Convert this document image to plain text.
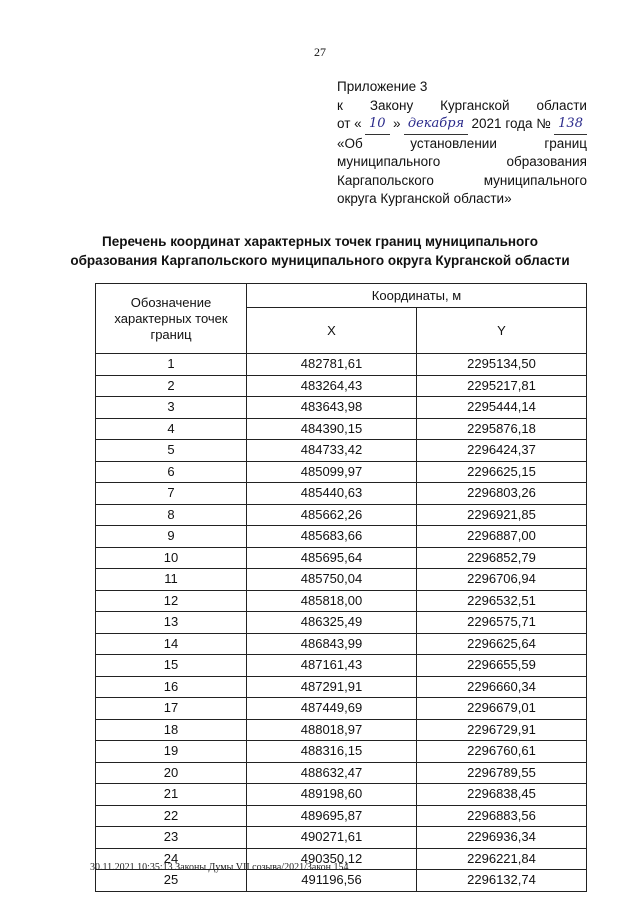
27
Приложение 3
к Закону Курганской области
от « 10 » декабря 2021 года № 138
«Об	установлении	границ
муниципального	образования
Каргапольского	муниципального
округа Курганской области»
Перечень координат характерных точек границ муниципального
образования Каргапольского муниципального округа Курганской области
Обозначение характерных точек границ	Координаты, м	
	X	Y
1	482781,61	2295134,50
2	483264,43	2295217,81
3	483643,98	2295444,14
4	484390,15	2295876,18
5	484733,42	2296424,37
6	485099,97	2296625,15
7	485440,63	2296803,26
8	485662,26	2296921,85
9	485683,66	2296887,00
10	485695,64	2296852,79
11	485750,04	2296706,94
12	485818,00	2296532,51
13	486325,49	2296575,71
14	486843,99	2296625,64
15	487161,43	2296655,59
16	487291,91	2296660,34
17	487449,69	2296679,01
18	488018,97	2296729,91
19	488316,15	2296760,61
20	488632,47	2296789,55
21	489198,60	2296838,45
22	489695,87	2296883,56
23	490271,61	2296936,34
24	490350,12	2296221,84
25	491196,56	2296132,74
30.11.2021 10:35:13 Законы Думы VII созыва/2021/Закон 154
